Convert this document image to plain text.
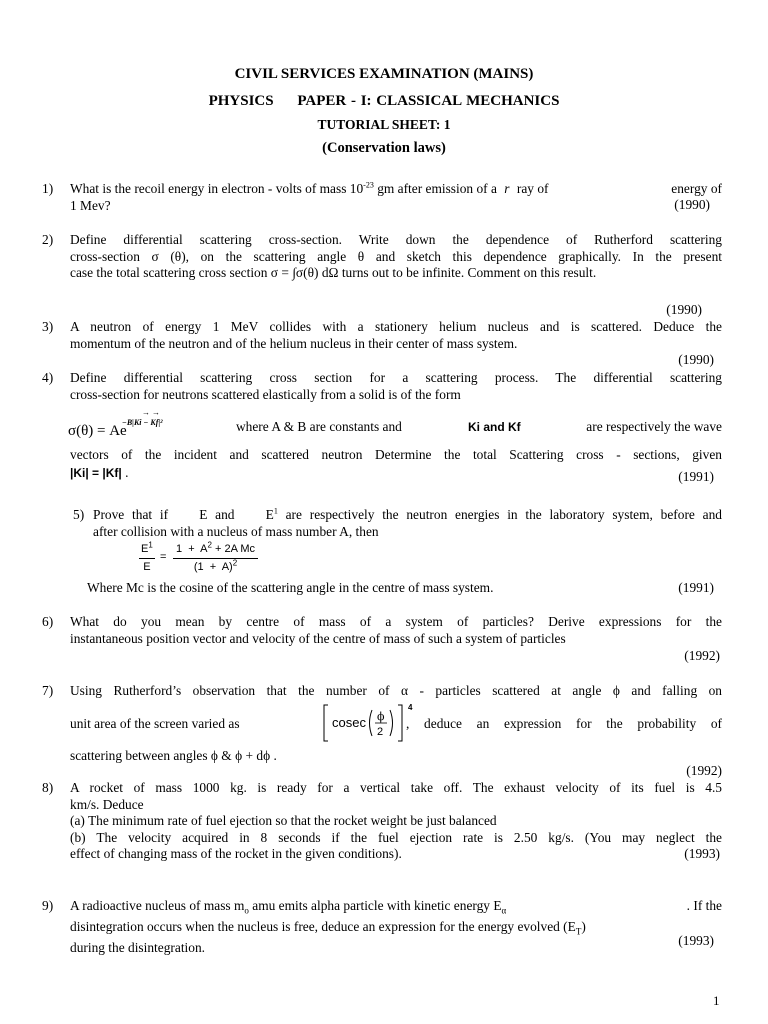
CIVIL SERVICES EXAMINATION (MAINS)
PHYSICS     PAPER - I: CLASSICAL MECHANICS
TUTORIAL SHEET: 1
(Conservation laws)
1) What is the recoil energy in electron - volts of mass $10^{-23}$ gm after emission of a r ray of	energy of
1 Mev?	(1990)
2) Define differential scattering cross-section. Write down the dependence of Rutherford scattering
cross-section σ (θ), on the scattering angle θ and sketch this dependence graphically. In the present
case the total scattering cross section σ = ∫σ(θ) dΩ turns out to be infinite. Comment on this result.
(1990)
3) A neutron of energy 1 MeV collides with a stationery helium nucleus and is scattered. Deduce the
momentum of the neutron and of the helium nucleus in their center of mass system.
(1990)
4) Define differential scattering cross section for a scattering process. The differential scattering
cross-section for neutrons scattered elastically from a solid is of the form
σ(θ) = Ae
−B|Ki − Kf|²
→ →
where A & B are constants and	Ki and Kf	are respectively the wave
vectors of the incident and scattered neutron Determine the total Scattering cross - sections, given
|Ki| = |Kf| .	(1991)
5) Prove that if    E and    $E^1$ are respectively the neutron energies in the laboratory system, before and
after collision with a nucleus of mass number A, then
Where Mc is the cosine of the scattering angle in the centre of mass system.	(1991)
$\frac{E^1}{E} = \frac{1 + A^2 + 2A Mc}{(1 + A)^2}$
6) What do you mean by centre of mass of a system of particles? Derive expressions for the
instantaneous position vector and velocity of the centre of mass of such a system of particles
(1992)
7) Using Rutherford’s observation that the number of α - particles scattered at angle ϕ and falling on
unit area of the screen varied as	cosec ϕ
2
4
, deduce an expression for the probability of
scattering between angles ϕ & ϕ + dϕ .
(1992)
8) A rocket of mass 1000 kg. is ready for a vertical take off. The exhaust velocity of its fuel is 4.5
km/s. Deduce
(a) The minimum rate of fuel ejection so that the rocket weight be just balanced
(b) The velocity acquired in 8 seconds if the fuel ejection rate is 2.50 kg/s. (You may neglect the
effect of changing mass of the rocket in the given conditions).	(1993)
9) A radioactive nucleus of mass $m_o$ amu emits alpha particle with kinetic energy $E_\alpha$	. If the
disintegration occurs when the nucleus is free, deduce an expression for the energy evolved $(E_T)$
during the disintegration.	(1993)
1
